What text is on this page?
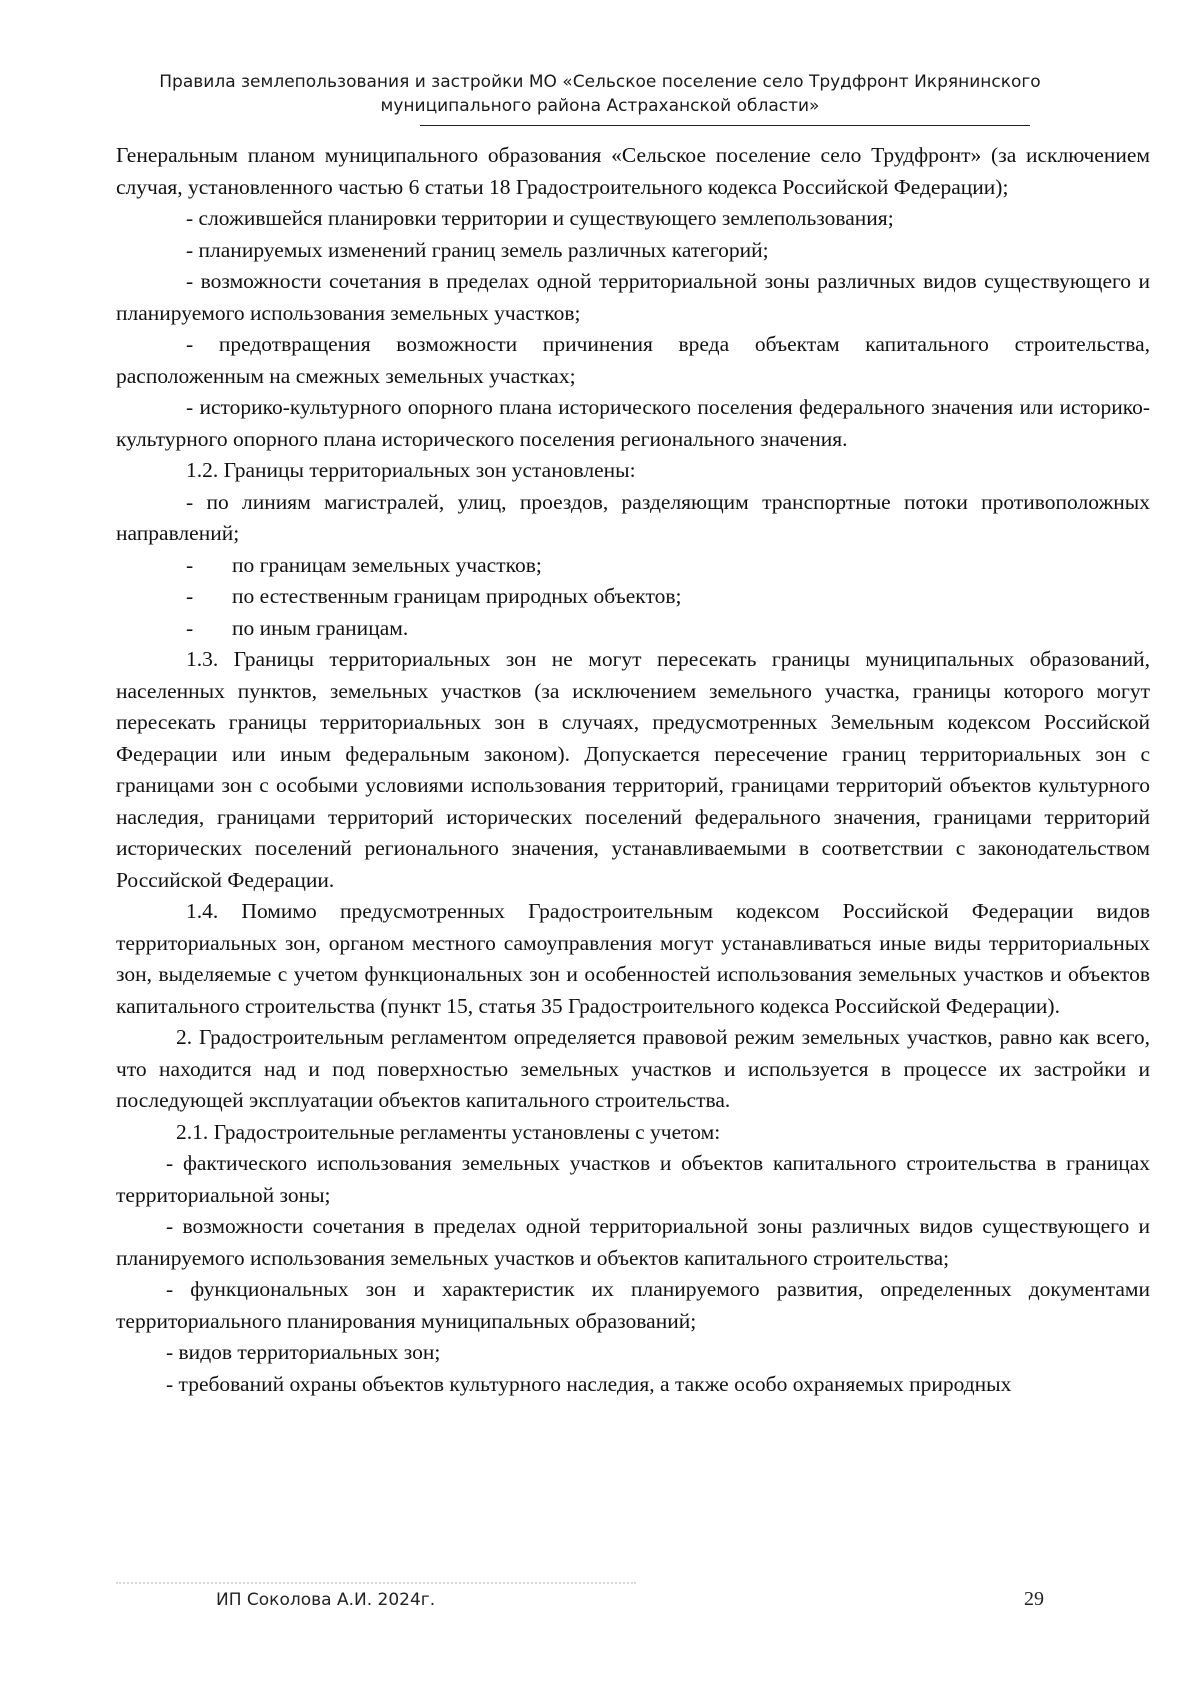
Правила землепользования и застройки МО «Сельское поселение село Трудфронт Икрянинского
муниципального района Астраханской области»

Генеральным планом муниципального образования «Сельское поселение село Трудфронт» (за исключением случая, установленного частью 6 статьи 18 Градостроительного кодекса Российской Федерации);

- сложившейся планировки территории и существующего землепользования;

- планируемых изменений границ земель различных категорий;

- возможности сочетания в пределах одной территориальной зоны различных видов существующего и планируемого использования земельных участков;

- предотвращения возможности причинения вреда объектам капитального строительства, расположенным на смежных земельных участках;

- историко-культурного опорного плана исторического поселения федерального значения или историко-культурного опорного плана исторического поселения регионального значения.

1.2. Границы территориальных зон установлены:

- по линиям магистралей, улиц, проездов, разделяющим транспортные потоки противоположных направлений;

-	по границам земельных участков;
-	по естественным границам природных объектов;
-	по иным границам.

1.3. Границы территориальных зон не могут пересекать границы муниципальных образований, населенных пунктов, земельных участков (за исключением земельного участка, границы которого могут пересекать границы территориальных зон в случаях, предусмотренных Земельным кодексом Российской Федерации или иным федеральным законом). Допускается пересечение границ территориальных зон с границами зон с особыми условиями использования территорий, границами территорий объектов культурного наследия, границами территорий исторических поселений федерального значения, границами территорий исторических поселений регионального значения, устанавливаемыми в соответствии с законодательством Российской Федерации.

1.4. Помимо предусмотренных Градостроительным кодексом Российской Федерации видов территориальных зон, органом местного самоуправления могут устанавливаться иные виды территориальных зон, выделяемые с учетом функциональных зон и особенностей использования земельных участков и объектов капитального строительства (пункт 15, статья 35 Градостроительного кодекса Российской Федерации).

2. Градостроительным регламентом определяется правовой режим земельных участков, равно как всего, что находится над и под поверхностью земельных участков и используется в процессе их застройки и последующей эксплуатации объектов капитального строительства.

2.1. Градостроительные регламенты установлены с учетом:

- фактического использования земельных участков и объектов капитального строительства в границах территориальной зоны;

- возможности сочетания в пределах одной территориальной зоны различных видов существующего и планируемого использования земельных участков и объектов капитального строительства;

- функциональных зон и характеристик их планируемого развития, определенных документами территориального планирования муниципальных образований;

- видов территориальных зон;

- требований охраны объектов культурного наследия, а также особо охраняемых природных

ИП Соколова А.И. 2024г.	29
